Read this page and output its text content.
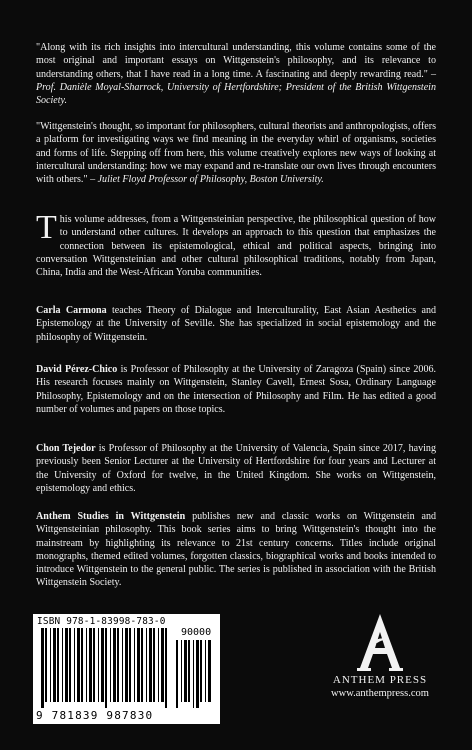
"Along with its rich insights into intercultural understanding, this volume contains some of the most original and important essays on Wittgenstein's philosophy, and its relevance to understanding others, that I have read in a long time. A fascinating and deeply rewarding read." – Prof. Danièle Moyal-Sharrock, University of Hertfordshire; President of the British Wittgenstein Society.

"Wittgenstein's thought, so important for philosophers, cultural theorists and anthropologists, offers a platform for investigating ways we find meaning in the everyday whirl of organisms, societies and forms of life. Stepping off from here, this volume creatively explores new ways of looking at intercultural understanding: how we may expand and re-translate our own lives through encounters with others." – Juliet Floyd Professor of Philosophy, Boston University.

This volume addresses, from a Wittgensteinian perspective, the philosophical question of how to understand other cultures. It develops an approach to this question that emphasizes the connection between its epistemological, ethical and political aspects, bringing into conversation Wittgensteinian and other cultural philosophical traditions, notably from Japan, China, India and the West-African Yoruba communities.

Carla Carmona teaches Theory of Dialogue and Interculturality, East Asian Aesthetics and Epistemology at the University of Seville. She has specialized in social epistemology and the philosophy of Wittgenstein.

David Pérez-Chico is Professor of Philosophy at the University of Zaragoza (Spain) since 2006. His research focuses mainly on Wittgenstein, Stanley Cavell, Ernest Sosa, Ordinary Language Philosophy, Epistemology and on the intersection of Philosophy and Film. He has edited a good number of volumes and papers on those topics.

Chon Tejedor is Professor of Philosophy at the University of Valencia, Spain since 2017, having previously been Senior Lecturer at the University of Hertfordshire for four years and Lecturer at the University of Oxford for twelve, in the United Kingdom. She works on Wittgenstein, epistemology and ethics.

Anthem Studies in Wittgenstein publishes new and classic works on Wittgenstein and Wittgensteinian philosophy. This book series aims to bring Wittgenstein's thought into the mainstream by highlighting its relevance to 21st century concerns. Titles include original monographs, themed edited volumes, forgotten classics, biographical works and books intended to introduce Wittgenstein to the general public. The series is published in association with the British Wittgenstein Society.

ISBN 978-1-83998-783-0
90000
9 781839 987830
ANTHEM PRESS
www.anthempress.com
